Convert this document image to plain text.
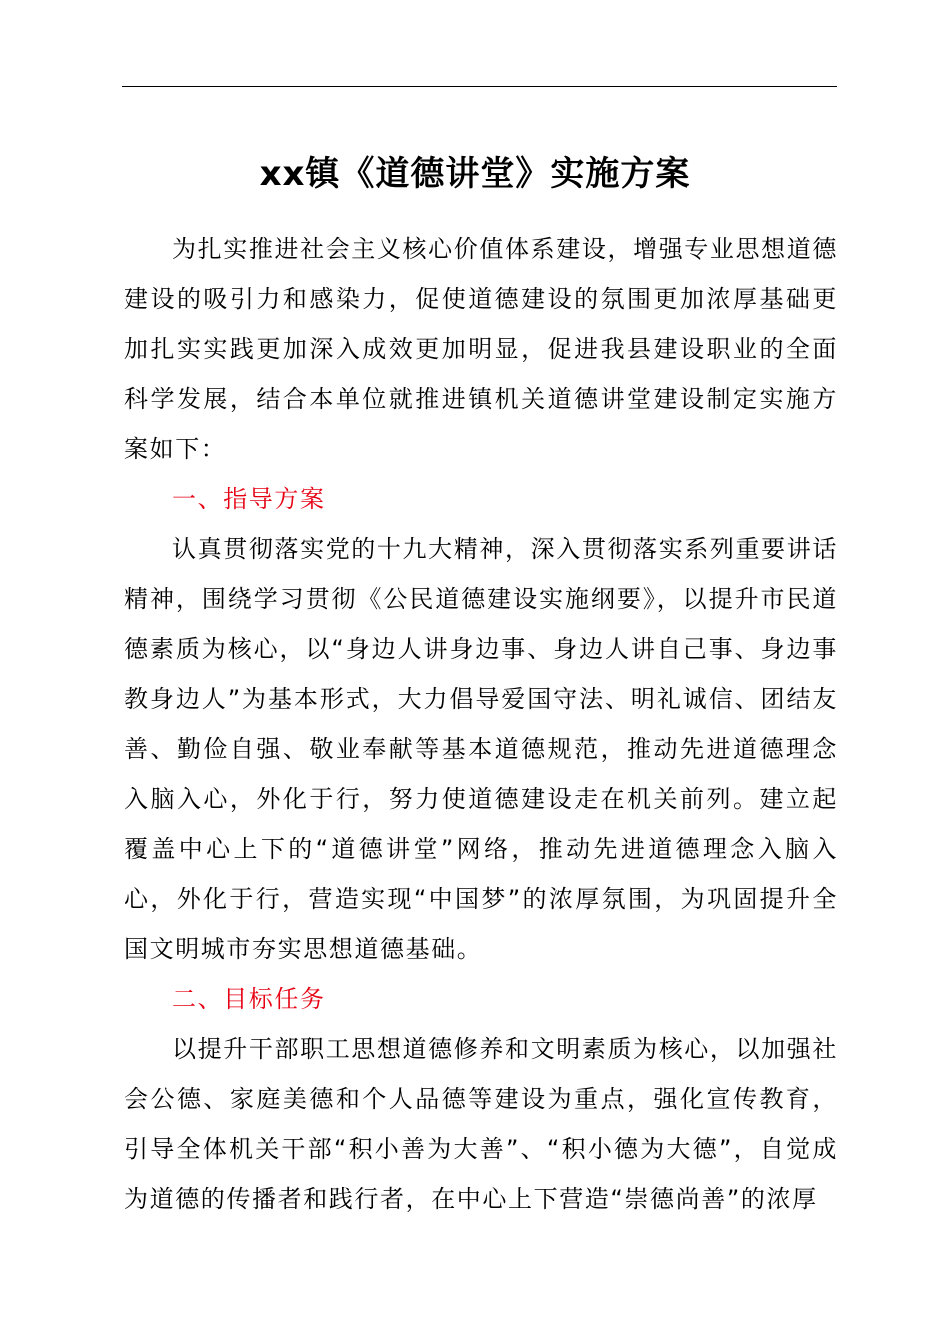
xx镇《道德讲堂》实施方案

为扎实推进社会主义核心价值体系建设，增强专业思想道德建设的吸引力和感染力，促使道德建设的氛围更加浓厚基础更加扎实实践更加深入成效更加明显，促进我县建设职业的全面科学发展，结合本单位就推进镇机关道德讲堂建设制定实施方案如下：

一、指导方案

认真贯彻落实党的十九大精神，深入贯彻落实系列重要讲话精神，围绕学习贯彻《公民道德建设实施纲要》，以提升市民道德素质为核心，以“身边人讲身边事、身边人讲自己事、身边事教身边人”为基本形式，大力倡导爱国守法、明礼诚信、团结友善、勤俭自强、敬业奉献等基本道德规范，推动先进道德理念入脑入心，外化于行，努力使道德建设走在机关前列。建立起覆盖中心上下的“道德讲堂”网络，推动先进道德理念入脑入心，外化于行，营造实现“中国梦”的浓厚氛围，为巩固提升全国文明城市夯实思想道德基础。

二、目标任务

以提升干部职工思想道德修养和文明素质为核心，以加强社会公德、家庭美德和个人品德等建设为重点，强化宣传教育，引导全体机关干部“积小善为大善”、“积小德为大德”，自觉成为道德的传播者和践行者，在中心上下营造“崇德尚善”的浓厚
